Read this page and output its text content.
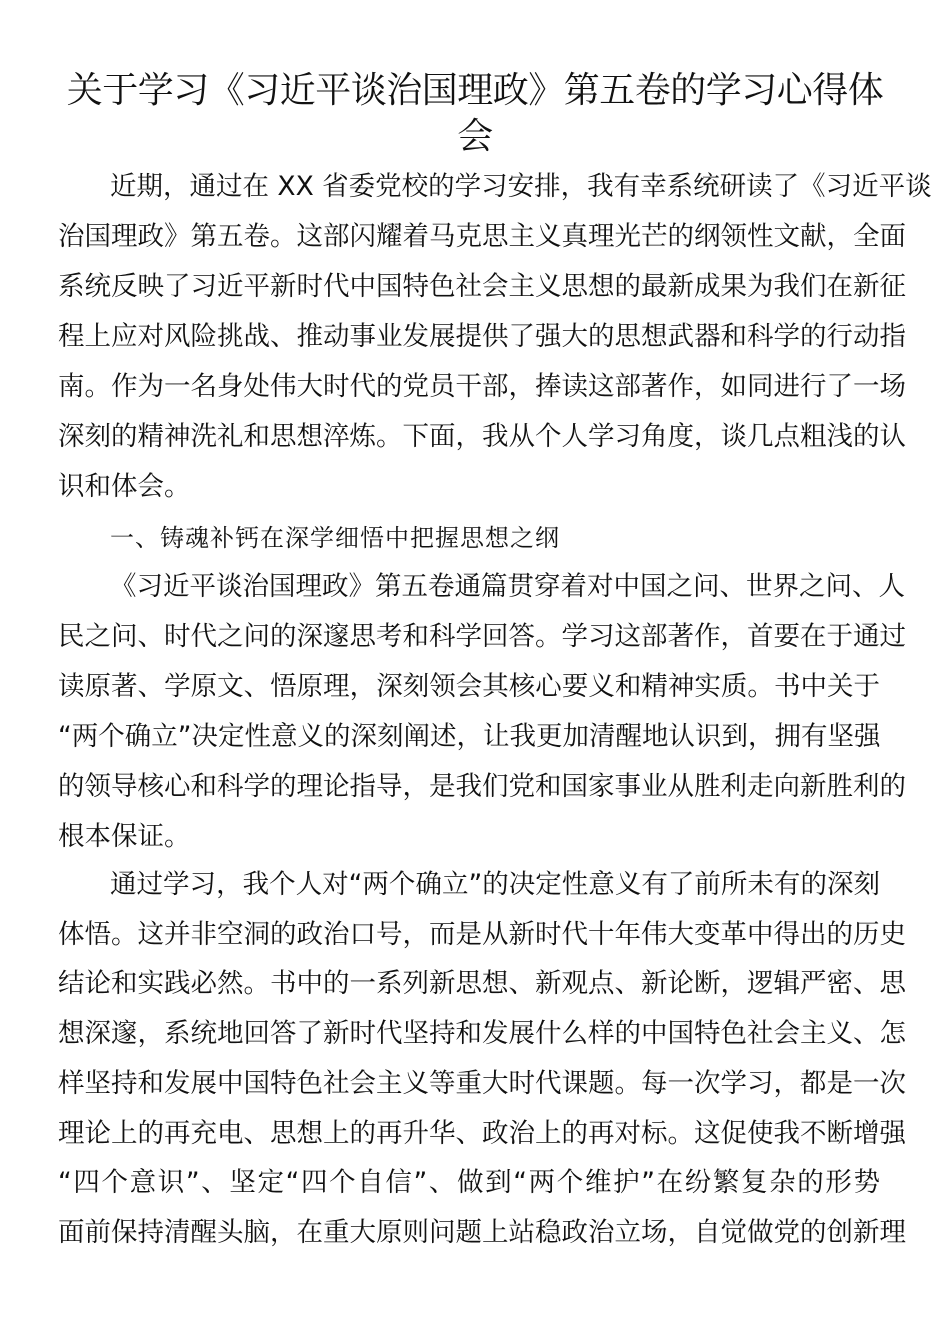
关于学习《习近平谈治国理政》第五卷的学习心得体
会
近期，通过在 XX 省委党校的学习安排，我有幸系统研读了《习近平谈
治国理政》第五卷。这部闪耀着马克思主义真理光芒的纲领性文献，全面
系统反映了习近平新时代中国特色社会主义思想的最新成果为我们在新征
程上应对风险挑战、推动事业发展提供了强大的思想武器和科学的行动指
南。作为一名身处伟大时代的党员干部，捧读这部著作，如同进行了一场
深刻的精神洗礼和思想淬炼。下面，我从个人学习角度，谈几点粗浅的认
识和体会。
一、铸魂补钙在深学细悟中把握思想之纲
《习近平谈治国理政》第五卷通篇贯穿着对中国之问、世界之问、人
民之问、时代之问的深邃思考和科学回答。学习这部著作，首要在于通过
读原著、学原文、悟原理，深刻领会其核心要义和精神实质。书中关于
“两个确立”决定性意义的深刻阐述，让我更加清醒地认识到，拥有坚强
的领导核心和科学的理论指导，是我们党和国家事业从胜利走向新胜利的
根本保证。
通过学习，我个人对“两个确立”的决定性意义有了前所未有的深刻
体悟。这并非空洞的政治口号，而是从新时代十年伟大变革中得出的历史
结论和实践必然。书中的一系列新思想、新观点、新论断，逻辑严密、思
想深邃，系统地回答了新时代坚持和发展什么样的中国特色社会主义、怎
样坚持和发展中国特色社会主义等重大时代课题。每一次学习，都是一次
理论上的再充电、思想上的再升华、政治上的再对标。这促使我不断增强
“四个意识”、坚定“四个自信”、做到“两个维护”在纷繁复杂的形势
面前保持清醒头脑，在重大原则问题上站稳政治立场，自觉做党的创新理
